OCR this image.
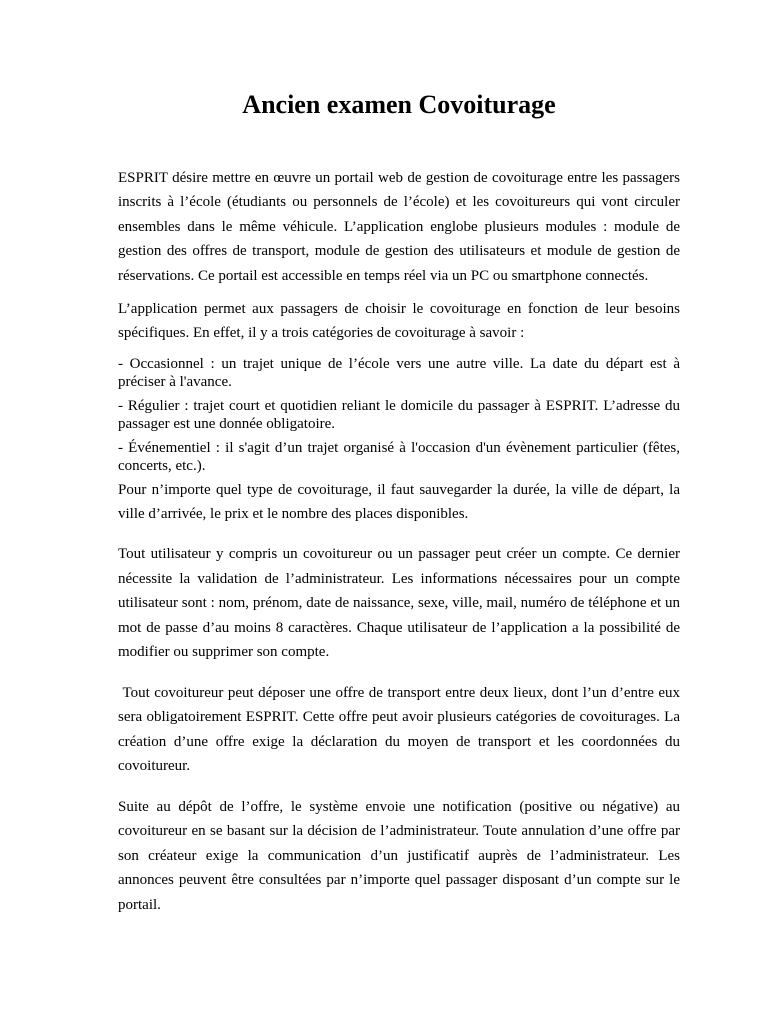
Ancien examen Covoiturage

ESPRIT désire mettre en œuvre un portail web de gestion de covoiturage entre les passagers inscrits à l’école (étudiants ou personnels de l’école) et les covoitureurs qui vont circuler ensembles dans le même véhicule. L’application englobe plusieurs modules : module de gestion des offres de transport, module de gestion des utilisateurs et module de gestion de réservations. Ce portail est accessible en temps réel via un PC ou smartphone connectés.

L’application permet aux passagers de choisir le covoiturage en fonction de leur besoins spécifiques. En effet, il y a trois catégories de covoiturage à savoir :

- Occasionnel : un trajet unique de l’école vers une autre ville. La date du départ est à préciser à l'avance.

- Régulier : trajet court et quotidien reliant le domicile du passager à ESPRIT. L’adresse du passager est une donnée obligatoire.

- Événementiel : il s'agit d’un trajet organisé à l'occasion d'un évènement particulier (fêtes, concerts, etc.).

Pour n’importe quel type de covoiturage, il faut sauvegarder la durée, la ville de départ, la ville d’arrivée, le prix et le nombre des places disponibles.

Tout utilisateur y compris un covoitureur ou un passager peut créer un compte. Ce dernier nécessite la validation de l’administrateur. Les informations nécessaires pour un compte utilisateur sont : nom, prénom, date de naissance, sexe, ville, mail, numéro de téléphone et un mot de passe d’au moins 8 caractères. Chaque utilisateur de l’application a la possibilité de modifier ou supprimer son compte.

Tout covoitureur peut déposer une offre de transport entre deux lieux, dont l’un d’entre eux sera obligatoirement ESPRIT. Cette offre peut avoir plusieurs catégories de covoiturages. La création d’une offre exige la déclaration du moyen de transport et les coordonnées du covoitureur.

Suite au dépôt de l’offre, le système envoie une notification (positive ou négative) au covoitureur en se basant sur la décision de l’administrateur. Toute annulation d’une offre par son créateur exige la communication d’un justificatif auprès de l’administrateur. Les annonces peuvent être consultées par n’importe quel passager disposant d’un compte sur le portail.
